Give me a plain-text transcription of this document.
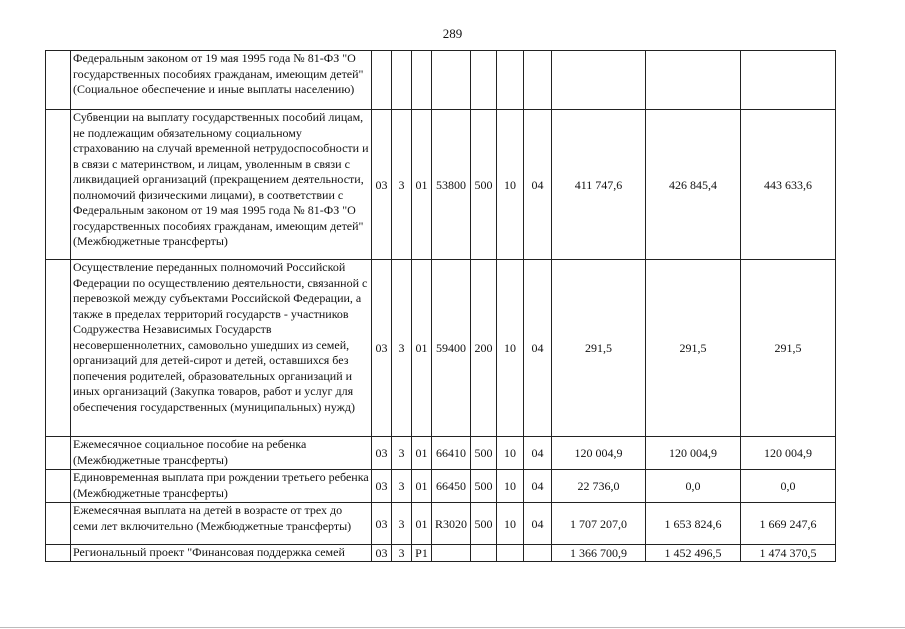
289
	Федеральным законом от 19 мая 1995 года № 81-ФЗ "О государственных пособиях гражданам, имеющим детей" (Социальное обеспечение и иные выплаты населению)										
	Субвенции на выплату государственных пособий лицам, не подлежащим обязательному социальному страхованию на случай временной нетрудоспособности и в связи с материнством, и лицам, уволенным в связи с ликвидацией организаций (прекращением деятельности, полномочий физическими лицами), в соответствии с Федеральным законом от 19 мая 1995 года № 81-ФЗ "О государственных пособиях гражданам, имеющим детей" (Межбюджетные трансферты)	03	3	01	53800	500	10	04	411 747,6	426 845,4	443 633,6
	Осуществление переданных полномочий Российской Федерации по осуществлению деятельности, связанной с перевозкой между субъектами Российской Федерации, а также в пределах территорий государств - участников Содружества Независимых Государств несовершеннолетних, самовольно ушедших из семей, организаций для детей-сирот и детей, оставшихся без попечения родителей, образовательных организаций и иных организаций (Закупка товаров, работ и услуг для обеспечения государственных (муниципальных) нужд)	03	3	01	59400	200	10	04	291,5	291,5	291,5
	Ежемесячное социальное пособие на ребенка (Межбюджетные трансферты)	03	3	01	66410	500	10	04	120 004,9	120 004,9	120 004,9
	Единовременная выплата при рождении третьего ребенка (Межбюджетные трансферты)	03	3	01	66450	500	10	04	22 736,0	0,0	0,0
	Ежемесячная выплата на детей в возрасте от трех до семи лет включительно (Межбюджетные трансферты)	03	3	01	R3020	500	10	04	1 707 207,0	1 653 824,6	1 669 247,6
	Региональный проект "Финансовая поддержка семей	03	3	P1					1 366 700,9	1 452 496,5	1 474 370,5
